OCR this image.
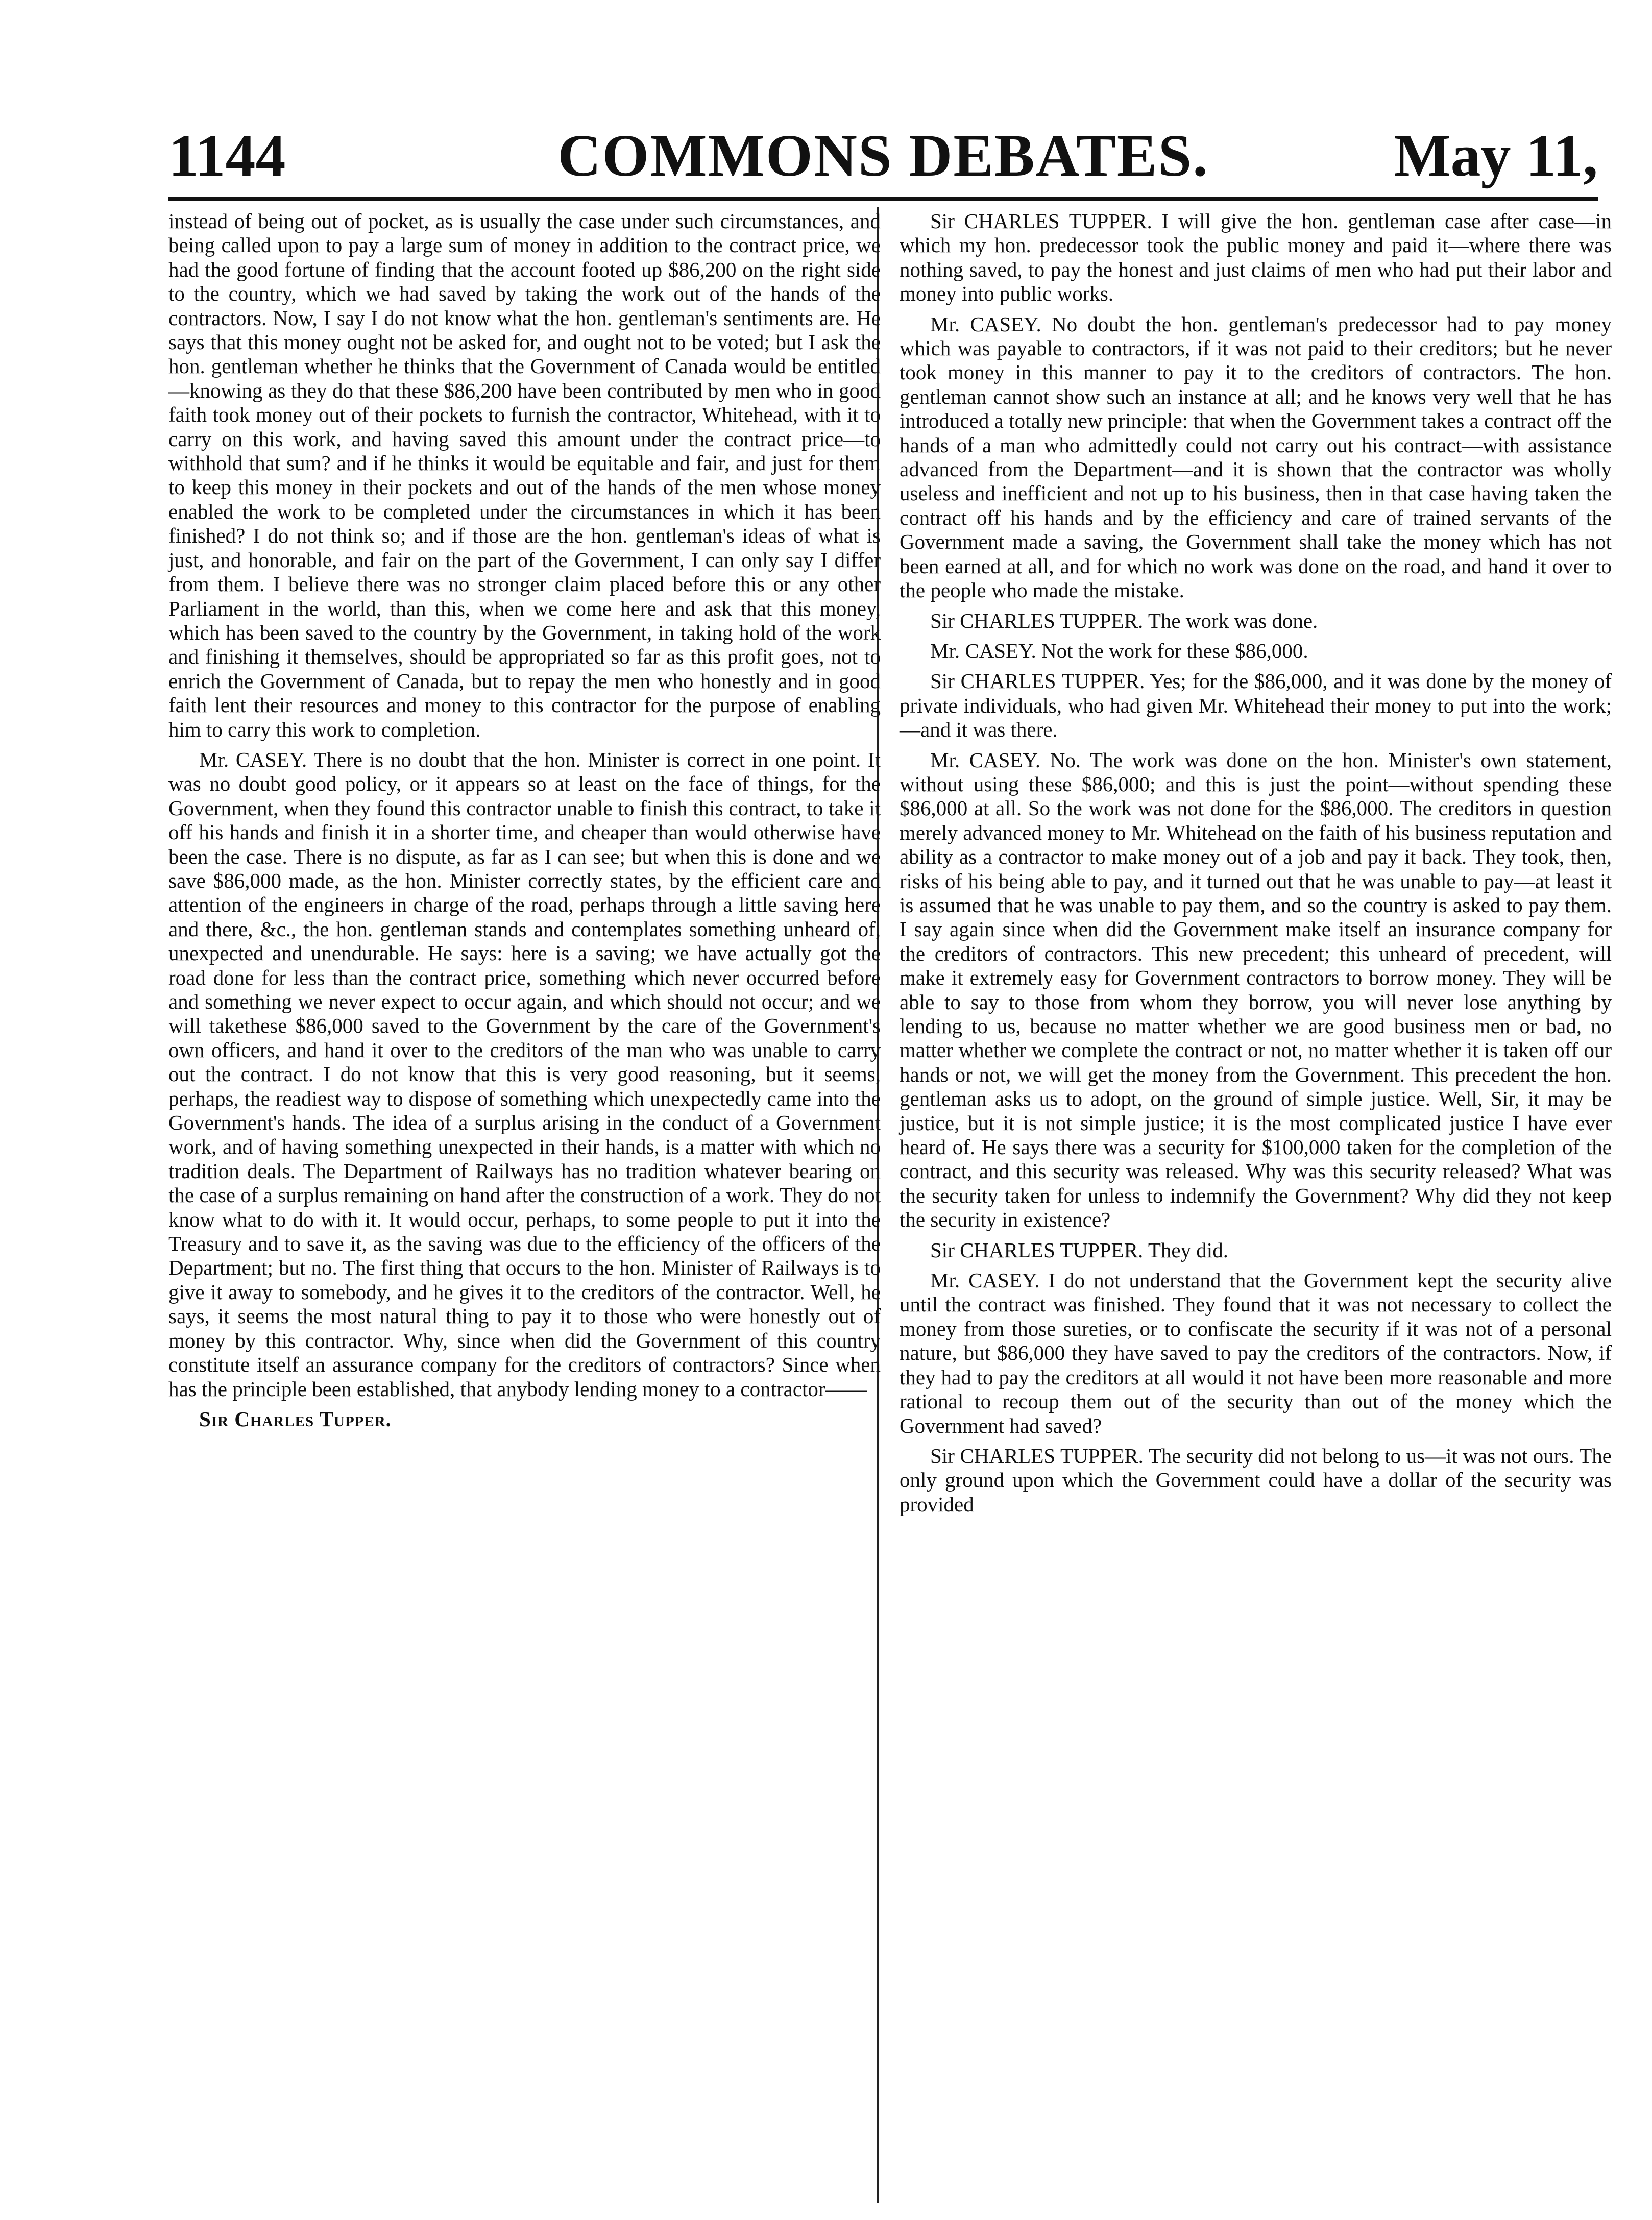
1144	COMMONS DEBATES.	May 11,

instead of being out of pocket, as is usually the case under such circumstances, and being called upon to pay a large sum of money in addition to the contract price, we had the good fortune of finding that the account footed up $86,200 on the right side to the country, which we had saved by taking the work out of the hands of the contractors. Now, I say I do not know what the hon. gentleman's sentiments are. He says that this money ought not be asked for, and ought not to be voted; but I ask the hon. gentleman whether he thinks that the Government of Canada would be entitled—knowing as they do that these $86,200 have been contributed by men who in good faith took money out of their pockets to furnish the contractor, Whitehead, with it to carry on this work, and having saved this amount under the contract price—to withhold that sum? and if he thinks it would be equitable and fair, and just for them to keep this money in their pockets and out of the hands of the men whose money enabled the work to be completed under the circumstances in which it has been finished? I do not think so; and if those are the hon. gentleman's ideas of what is just, and honorable, and fair on the part of the Government, I can only say I differ from them. I believe there was no stronger claim placed before this or any other Parliament in the world, than this, when we come here and ask that this money, which has been saved to the country by the Government, in taking hold of the work and finishing it themselves, should be appropriated so far as this profit goes, not to enrich the Government of Canada, but to repay the men who honestly and in good faith lent their resources and money to this contractor for the purpose of enabling him to carry this work to completion.

Mr. CASEY. There is no doubt that the hon. Minister is correct in one point. It was no doubt good policy, or it appears so at least on the face of things, for the Government, when they found this contractor unable to finish this contract, to take it off his hands and finish it in a shorter time, and cheaper than would otherwise have been the case. There is no dispute, as far as I can see; but when this is done and we save $86,000 made, as the hon. Minister correctly states, by the efficient care and attention of the engineers in charge of the road, perhaps through a little saving here and there, &c., the hon. gentleman stands and contemplates something unheard of, unexpected and unendurable. He says: here is a saving; we have actually got the road done for less than the contract price, something which never occurred before and something we never expect to occur again, and which should not occur; and we will takethese $86,000 saved to the Government by the care of the Government's own officers, and hand it over to the creditors of the man who was unable to carry out the contract. I do not know that this is very good reasoning, but it seems, perhaps, the readiest way to dispose of something which unexpectedly came into the Government's hands. The idea of a surplus arising in the conduct of a Government work, and of having something unexpected in their hands, is a matter with which no tradition deals. The Department of Railways has no tradition whatever bearing on the case of a surplus remaining on hand after the construction of a work. They do not know what to do with it. It would occur, perhaps, to some people to put it into the Treasury and to save it, as the saving was due to the efficiency of the officers of the Department; but no. The first thing that occurs to the hon. Minister of Railways is to give it away to somebody, and he gives it to the creditors of the contractor. Well, he says, it seems the most natural thing to pay it to those who were honestly out of money by this contractor. Why, since when did the Government of this country constitute itself an assurance company for the creditors of contractors? Since when has the principle been established, that anybody lending money to a contractor——

Sir Charles Tupper.

Sir CHARLES TUPPER. I will give the hon. gentleman case after case—in which my hon. predecessor took the public money and paid it—where there was nothing saved, to pay the honest and just claims of men who had put their labor and money into public works.

Mr. CASEY. No doubt the hon. gentleman's predecessor had to pay money which was payable to contractors, if it was not paid to their creditors; but he never took money in this manner to pay it to the creditors of contractors. The hon. gentleman cannot show such an instance at all; and he knows very well that he has introduced a totally new principle: that when the Government takes a contract off the hands of a man who admittedly could not carry out his contract—with assistance advanced from the Department—and it is shown that the contractor was wholly useless and inefficient and not up to his business, then in that case having taken the contract off his hands and by the efficiency and care of trained servants of the Government made a saving, the Government shall take the money which has not been earned at all, and for which no work was done on the road, and hand it over to the people who made the mistake.

Sir CHARLES TUPPER. The work was done.

Mr. CASEY. Not the work for these $86,000.

Sir CHARLES TUPPER. Yes; for the $86,000, and it was done by the money of private individuals, who had given Mr. Whitehead their money to put into the work; —and it was there.

Mr. CASEY. No. The work was done on the hon. Minister's own statement, without using these $86,000; and this is just the point—without spending these $86,000 at all. So the work was not done for the $86,000. The creditors in question merely advanced money to Mr. Whitehead on the faith of his business reputation and ability as a contractor to make money out of a job and pay it back. They took, then, risks of his being able to pay, and it turned out that he was unable to pay—at least it is assumed that he was unable to pay them, and so the country is asked to pay them. I say again since when did the Government make itself an insurance company for the creditors of contractors. This new precedent; this unheard of precedent, will make it extremely easy for Government contractors to borrow money. They will be able to say to those from whom they borrow, you will never lose anything by lending to us, because no matter whether we are good business men or bad, no matter whether we complete the contract or not, no matter whether it is taken off our hands or not, we will get the money from the Government. This precedent the hon. gentleman asks us to adopt, on the ground of simple justice. Well, Sir, it may be justice, but it is not simple justice; it is the most complicated justice I have ever heard of. He says there was a security for $100,000 taken for the completion of the contract, and this security was released. Why was this security released? What was the security taken for unless to indemnify the Government? Why did they not keep the security in existence?

Sir CHARLES TUPPER. They did.

Mr. CASEY. I do not understand that the Government kept the security alive until the contract was finished. They found that it was not necessary to collect the money from those sureties, or to confiscate the security if it was not of a personal nature, but $86,000 they have saved to pay the creditors of the contractors. Now, if they had to pay the creditors at all would it not have been more reasonable and more rational to recoup them out of the security than out of the money which the Government had saved?

Sir CHARLES TUPPER. The security did not belong to us—it was not ours. The only ground upon which the Government could have a dollar of the security was provided
